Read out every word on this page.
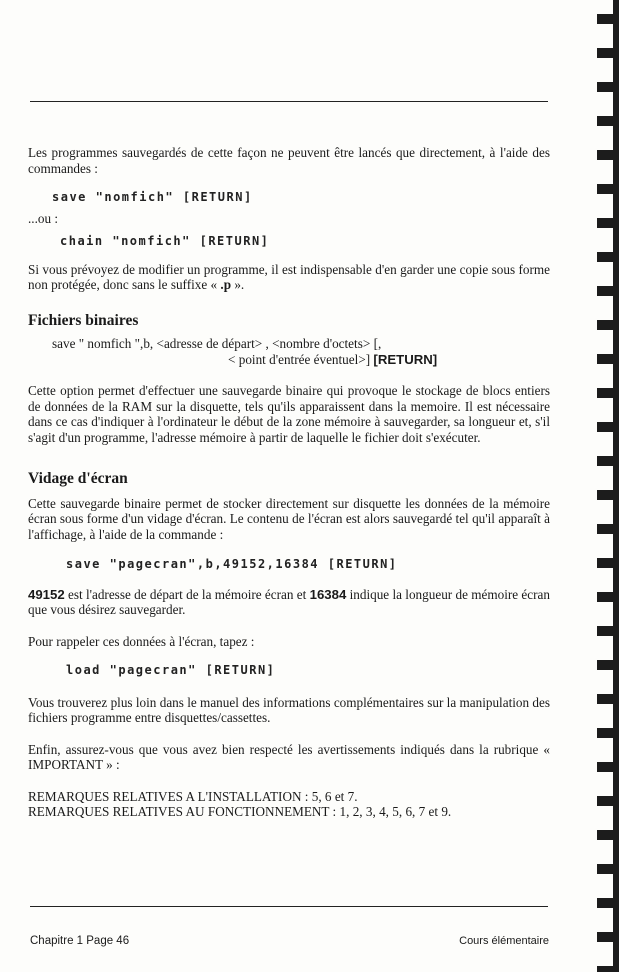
Les programmes sauvegardés de cette façon ne peuvent être lancés que directement, à l'aide des commandes :

save "nomfich" [RETURN]

...ou :

chain "nomfich" [RETURN]

Si vous prévoyez de modifier un programme, il est indispensable d'en garder une copie sous forme non protégée, donc sans le suffixe « .p ».

Fichiers binaires

save " nomfich ",b, <adresse de départ> , <nombre d'octets> [,

< point d'entrée éventuel>] [RETURN]

Cette option permet d'effectuer une sauvegarde binaire qui provoque le stockage de blocs entiers de données de la RAM sur la disquette, tels qu'ils apparaissent dans la memoire. Il est nécessaire dans ce cas d'indiquer à l'ordinateur le début de la zone mémoire à sauvegarder, sa longueur et, s'il s'agit d'un programme, l'adresse mémoire à partir de laquelle le fichier doit s'exécuter.

Vidage d'écran

Cette sauvegarde binaire permet de stocker directement sur disquette les données de la mémoire écran sous forme d'un vidage d'écran. Le contenu de l'écran est alors sauvegardé tel qu'il apparaît à l'affichage, à l'aide de la commande :

save "pagecran",b,49152,16384 [RETURN]

49152 est l'adresse de départ de la mémoire écran et 16384 indique la longueur de mémoire écran que vous désirez sauvegarder.

Pour rappeler ces données à l'écran, tapez :

load "pagecran" [RETURN]

Vous trouverez plus loin dans le manuel des informations complémentaires sur la manipulation des fichiers programme entre disquettes/cassettes.

Enfin, assurez-vous que vous avez bien respecté les avertissements indiqués dans la rubrique « IMPORTANT » :

REMARQUES RELATIVES A L'INSTALLATION : 5, 6 et 7.

REMARQUES RELATIVES AU FONCTIONNEMENT : 1, 2, 3, 4, 5, 6, 7 et 9.

Chapitre 1 Page 46	Cours élémentaire
